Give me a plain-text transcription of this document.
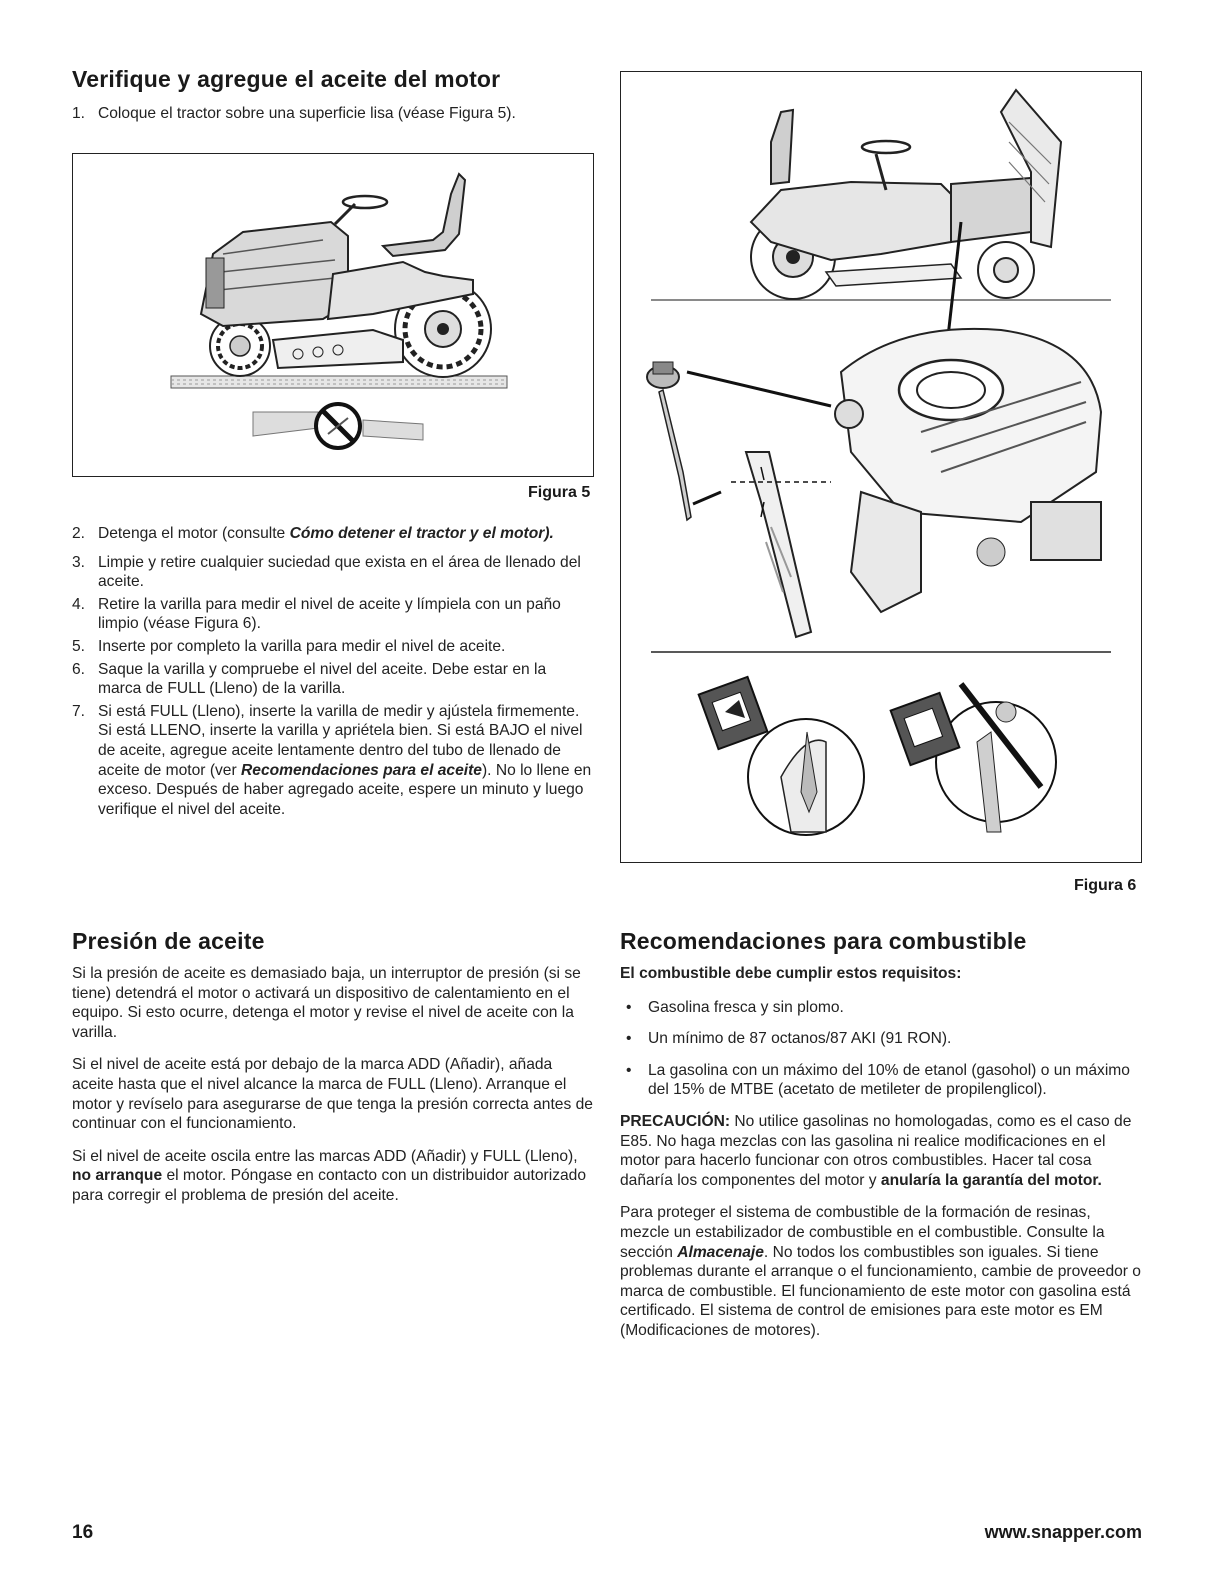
Verifique y agregue el aceite del motor
1. Coloque el tractor sobre una superficie lisa (véase Figura 5).
Figura 5
2. Detenga el motor (consulte Cómo detener el tractor y el motor).
3. Limpie y retire cualquier suciedad que exista en el área de llenado del aceite.
4. Retire la varilla para medir el nivel de aceite y límpiela con un paño limpio (véase Figura 6).
5. Inserte por completo la varilla para medir el nivel de aceite.
6. Saque la varilla y compruebe el nivel del aceite. Debe estar en la marca de FULL (Lleno) de la varilla.
7. Si está FULL (Lleno), inserte la varilla de medir y ajústela firmemente.
Si está LLENO, inserte la varilla y apriétela bien. Si está BAJO el nivel de aceite, agregue aceite lentamente dentro del tubo de llenado de aceite de motor (ver Recomendaciones para el aceite). No lo llene en exceso. Después de haber agregado aceite, espere un minuto y luego verifique el nivel del aceite.
Figura 6
Presión de aceite

Si la presión de aceite es demasiado baja, un interruptor de presión (si se tiene) detendrá el motor o activará un dispositivo de calentamiento en el equipo. Si esto ocurre, detenga el motor y revise el nivel de aceite con la varilla.

Si el nivel de aceite está por debajo de la marca ADD (Añadir), añada aceite hasta que el nivel alcance la marca de FULL (Lleno). Arranque el motor y revíselo para asegurarse de que tenga la presión correcta antes de continuar con el funcionamiento.

Si el nivel de aceite oscila entre las marcas ADD (Añadir) y FULL (Lleno), no arranque el motor. Póngase en contacto con un distribuidor autorizado para corregir el problema de presión del aceite.

Recomendaciones para combustible

El combustible debe cumplir estos requisitos:

• Gasolina fresca y sin plomo.
• Un mínimo de 87 octanos/87 AKI (91 RON).
• La gasolina con un máximo del 10% de etanol (gasohol) o un máximo del 15% de MTBE (acetato de metileter de propilenglicol).

PRECAUCIÓN: No utilice gasolinas no homologadas, como es el caso de E85. No haga mezclas con las gasolina ni realice modificaciones en el motor para hacerlo funcionar con otros combustibles. Hacer tal cosa dañaría los componentes del motor y anularía la garantía del motor.

Para proteger el sistema de combustible de la formación de resinas, mezcle un estabilizador de combustible en el combustible. Consulte la sección Almacenaje. No todos los combustibles son iguales. Si tiene problemas durante el arranque o el funcionamiento, cambie de proveedor o marca de combustible. El funcionamiento de este motor con gasolina está certificado. El sistema de control de emisiones para este motor es EM (Modificaciones de motores).

16	www.snapper.com
